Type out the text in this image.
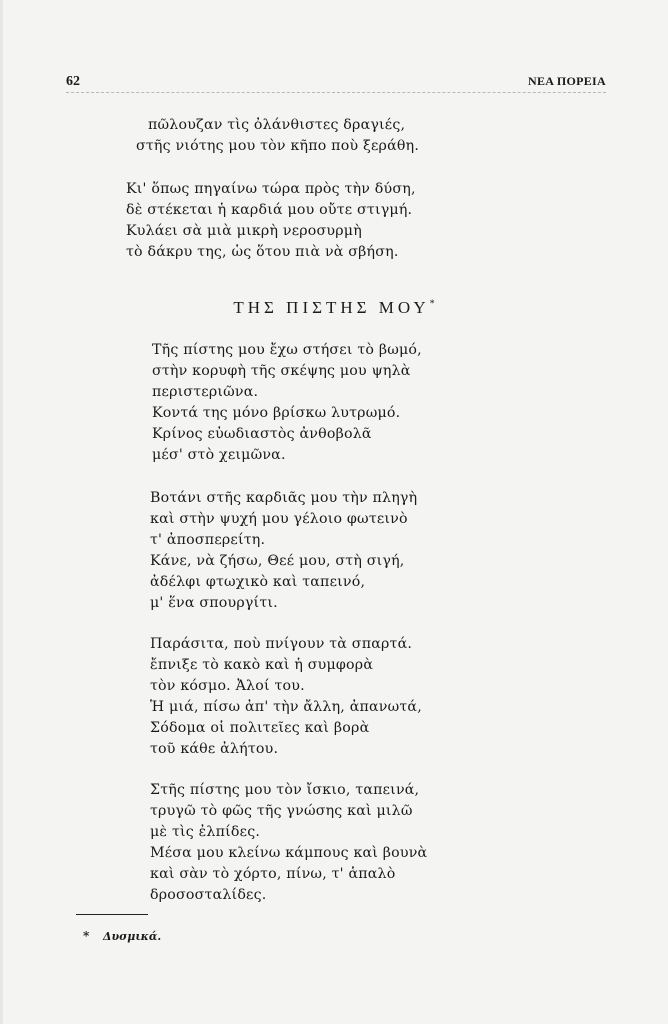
62	ΝΕΑ ΠΟΡΕΙΑ
πῶλουζαν τὶς ὀλάνθιστες δραγιές,
στῆς νιότης μου τὸν κῆπο ποὺ ξεράθη.
Κι' ὅπως πηγαίνω τώρα πρὸς τὴν δύση,
δὲ στέκεται ἡ καρδιά μου οὔτε στιγμή.
Κυλάει σὰ μιὰ μικρὴ νεροσυρμὴ
τὸ δάκρυ της, ὡς ὅτου πιὰ νὰ σβήση.
ΤΗΣ ΠΙΣΤΗΣ ΜΟΥ*
Τῆς πίστης μου ἔχω στήσει τὸ βωμό,
στὴν κορυφὴ τῆς σκέψης μου ψηλὰ
περιστεριῶνα.
Κοντά της μόνο βρίσκω λυτρωμό.
Κρίνος εὐωδιαστὸς ἀνθοβολᾶ
μέσ' στὸ χειμῶνα.
Βοτάνι στῆς καρδιᾶς μου τὴν πληγὴ
καὶ στὴν ψυχή μου γέλοιο φωτεινὸ
τ' ἀποσπερείτη.
Κάνε, νὰ ζήσω, Θεέ μου, στὴ σιγή,
ἀδέλφι φτωχικὸ καὶ ταπεινό,
μ' ἕνα σπουργίτι.
Παράσιτα, ποὺ πνίγουν τὰ σπαρτά.
ἔπνιξε τὸ κακὸ καὶ ἡ συμφορὰ
τὸν κόσμο. Ἀλοί του.
Ἡ μιά, πίσω ἀπ' τὴν ἄλλη, ἀπανωτά,
Σόδομα οἱ πολιτεῖες καὶ βορὰ
τοῦ κάθε ἀλήτου.
Στῆς πίστης μου τὸν ἴσκιο, ταπεινά,
τρυγῶ τὸ φῶς τῆς γνώσης καὶ μιλῶ
μὲ τὶς ἐλπίδες.
Μέσα μου κλείνω κάμπους καὶ βουνὰ
καὶ σὰν τὸ χόρτο, πίνω, τ' ἁπαλὸ
δροσοσταλίδες.
* Δυσμικά.
